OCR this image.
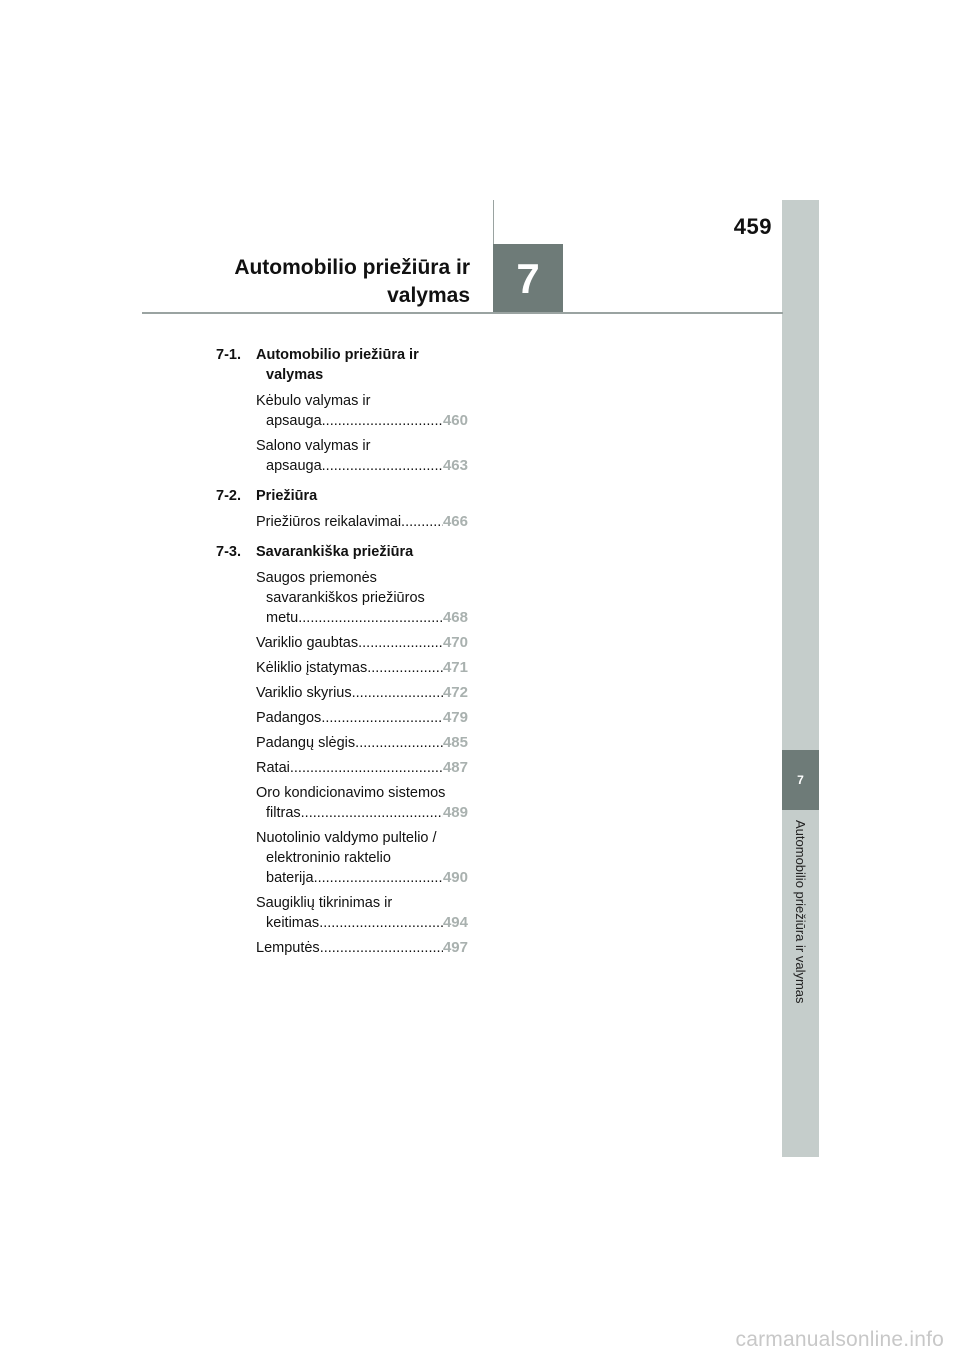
7
Automobilio priežiūra ir valymas
459
Automobilio priežiūra ir
valymas 7
7-1.	Automobilio priežiūra ir valymas
Kėbulo valymas ir
apsauga .....	460
Salono valymas ir
apsauga .....	463
7-2.	Priežiūra
Priežiūros reikalavimai .....	466
7-3.	Savarankiška priežiūra
Saugos priemonės
savarankiškos priežiūros
metu .....	468
Variklio gaubtas .....	470
Kėliklio įstatymas .....	471
Variklio skyrius .....	472
Padangos .....	479
Padangų slėgis .....	485
Ratai .....	487
Oro kondicionavimo sistemos
filtras .....	489
Nuotolinio valdymo pultelio /
elektroninio raktelio
baterija .....	490
Saugiklių tikrinimas ir
keitimas .....	494
Lemputės .....	497
carmanualsonline.info
